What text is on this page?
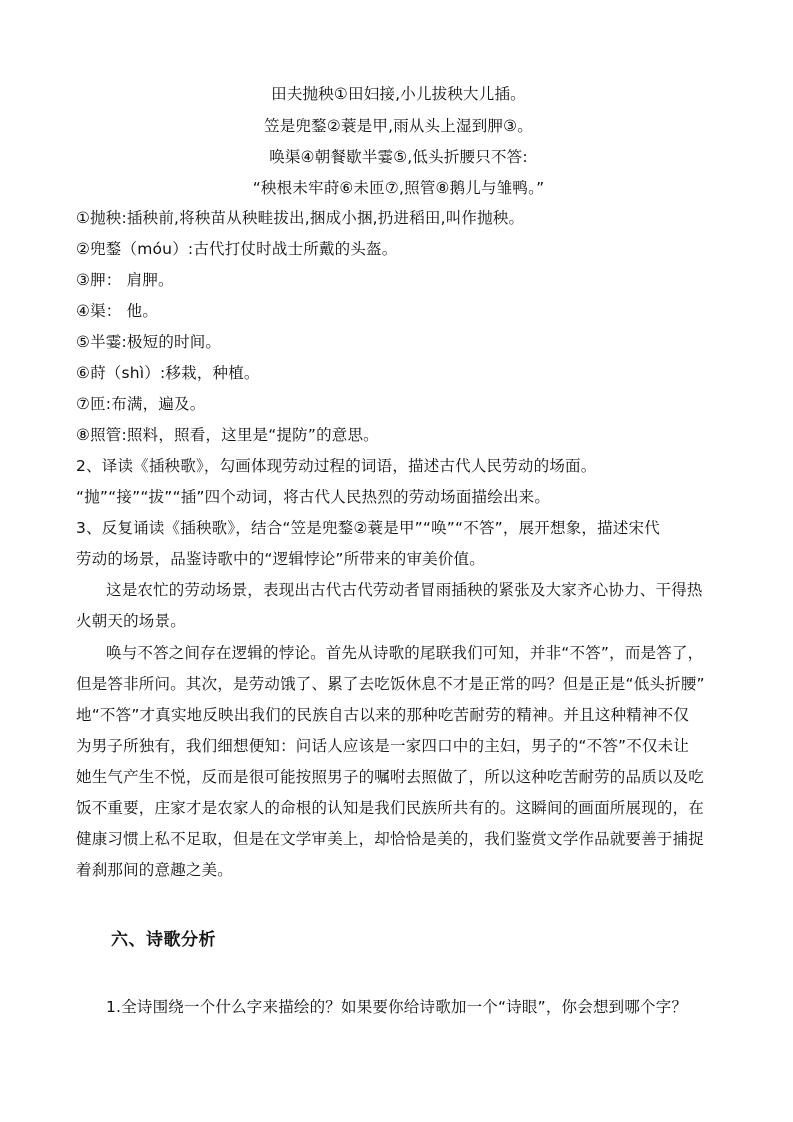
田夫抛秧①田妇接,小儿拔秧大儿插。
笠是兜鍪②蓑是甲,雨从头上湿到胛③。
唤渠④朝餐歇半霎⑤,低头折腰只不答:
“秧根未牢莳⑥未匝⑦,照管⑧鹅儿与雏鸭。”
①抛秧:插秧前,将秧苗从秧畦拔出,捆成小捆,扔进稻田,叫作抛秧。
②兜鍪（móu）:古代打仗时战士所戴的头盔。
③胛： 肩胛。
④渠： 他。
⑤半霎:极短的时间。
⑥莳（shì）:移栽，种植。
⑦匝:布满，遍及。
⑧照管:照料，照看，这里是“提防”的意思。
2、译读《插秧歌》，勾画体现劳动过程的词语，描述古代人民劳动的场面。
“抛”“接”“拔”“插”四个动词，将古代人民热烈的劳动场面描绘出来。
3、反复诵读《插秧歌》，结合“笠是兜鍪②蓑是甲”“唤”“不答”，展开想象，描述宋代
劳动的场景，品鉴诗歌中的“逻辑悖论”所带来的审美价值。
这是农忙的劳动场景，表现出古代古代劳动者冒雨插秧的紧张及大家齐心协力、干得热
火朝天的场景。
唤与不答之间存在逻辑的悖论。首先从诗歌的尾联我们可知，并非“不答”，而是答了，
但是答非所问。其次，是劳动饿了、累了去吃饭休息不才是正常的吗？但是正是“低头折腰”
地“不答”才真实地反映出我们的民族自古以来的那种吃苦耐劳的精神。并且这种精神不仅
为男子所独有，我们细想便知：问话人应该是一家四口中的主妇，男子的“不答”不仅未让
她生气产生不悦，反而是很可能按照男子的嘱咐去照做了，所以这种吃苦耐劳的品质以及吃
饭不重要，庄家才是农家人的命根的认知是我们民族所共有的。这瞬间的画面所展现的，在
健康习惯上私不足取，但是在文学审美上，却恰恰是美的，我们鉴赏文学作品就要善于捕捉
着刹那间的意趣之美。
六、诗歌分析
1.全诗围绕一个什么字来描绘的？如果要你给诗歌加一个“诗眼”，你会想到哪个字？
